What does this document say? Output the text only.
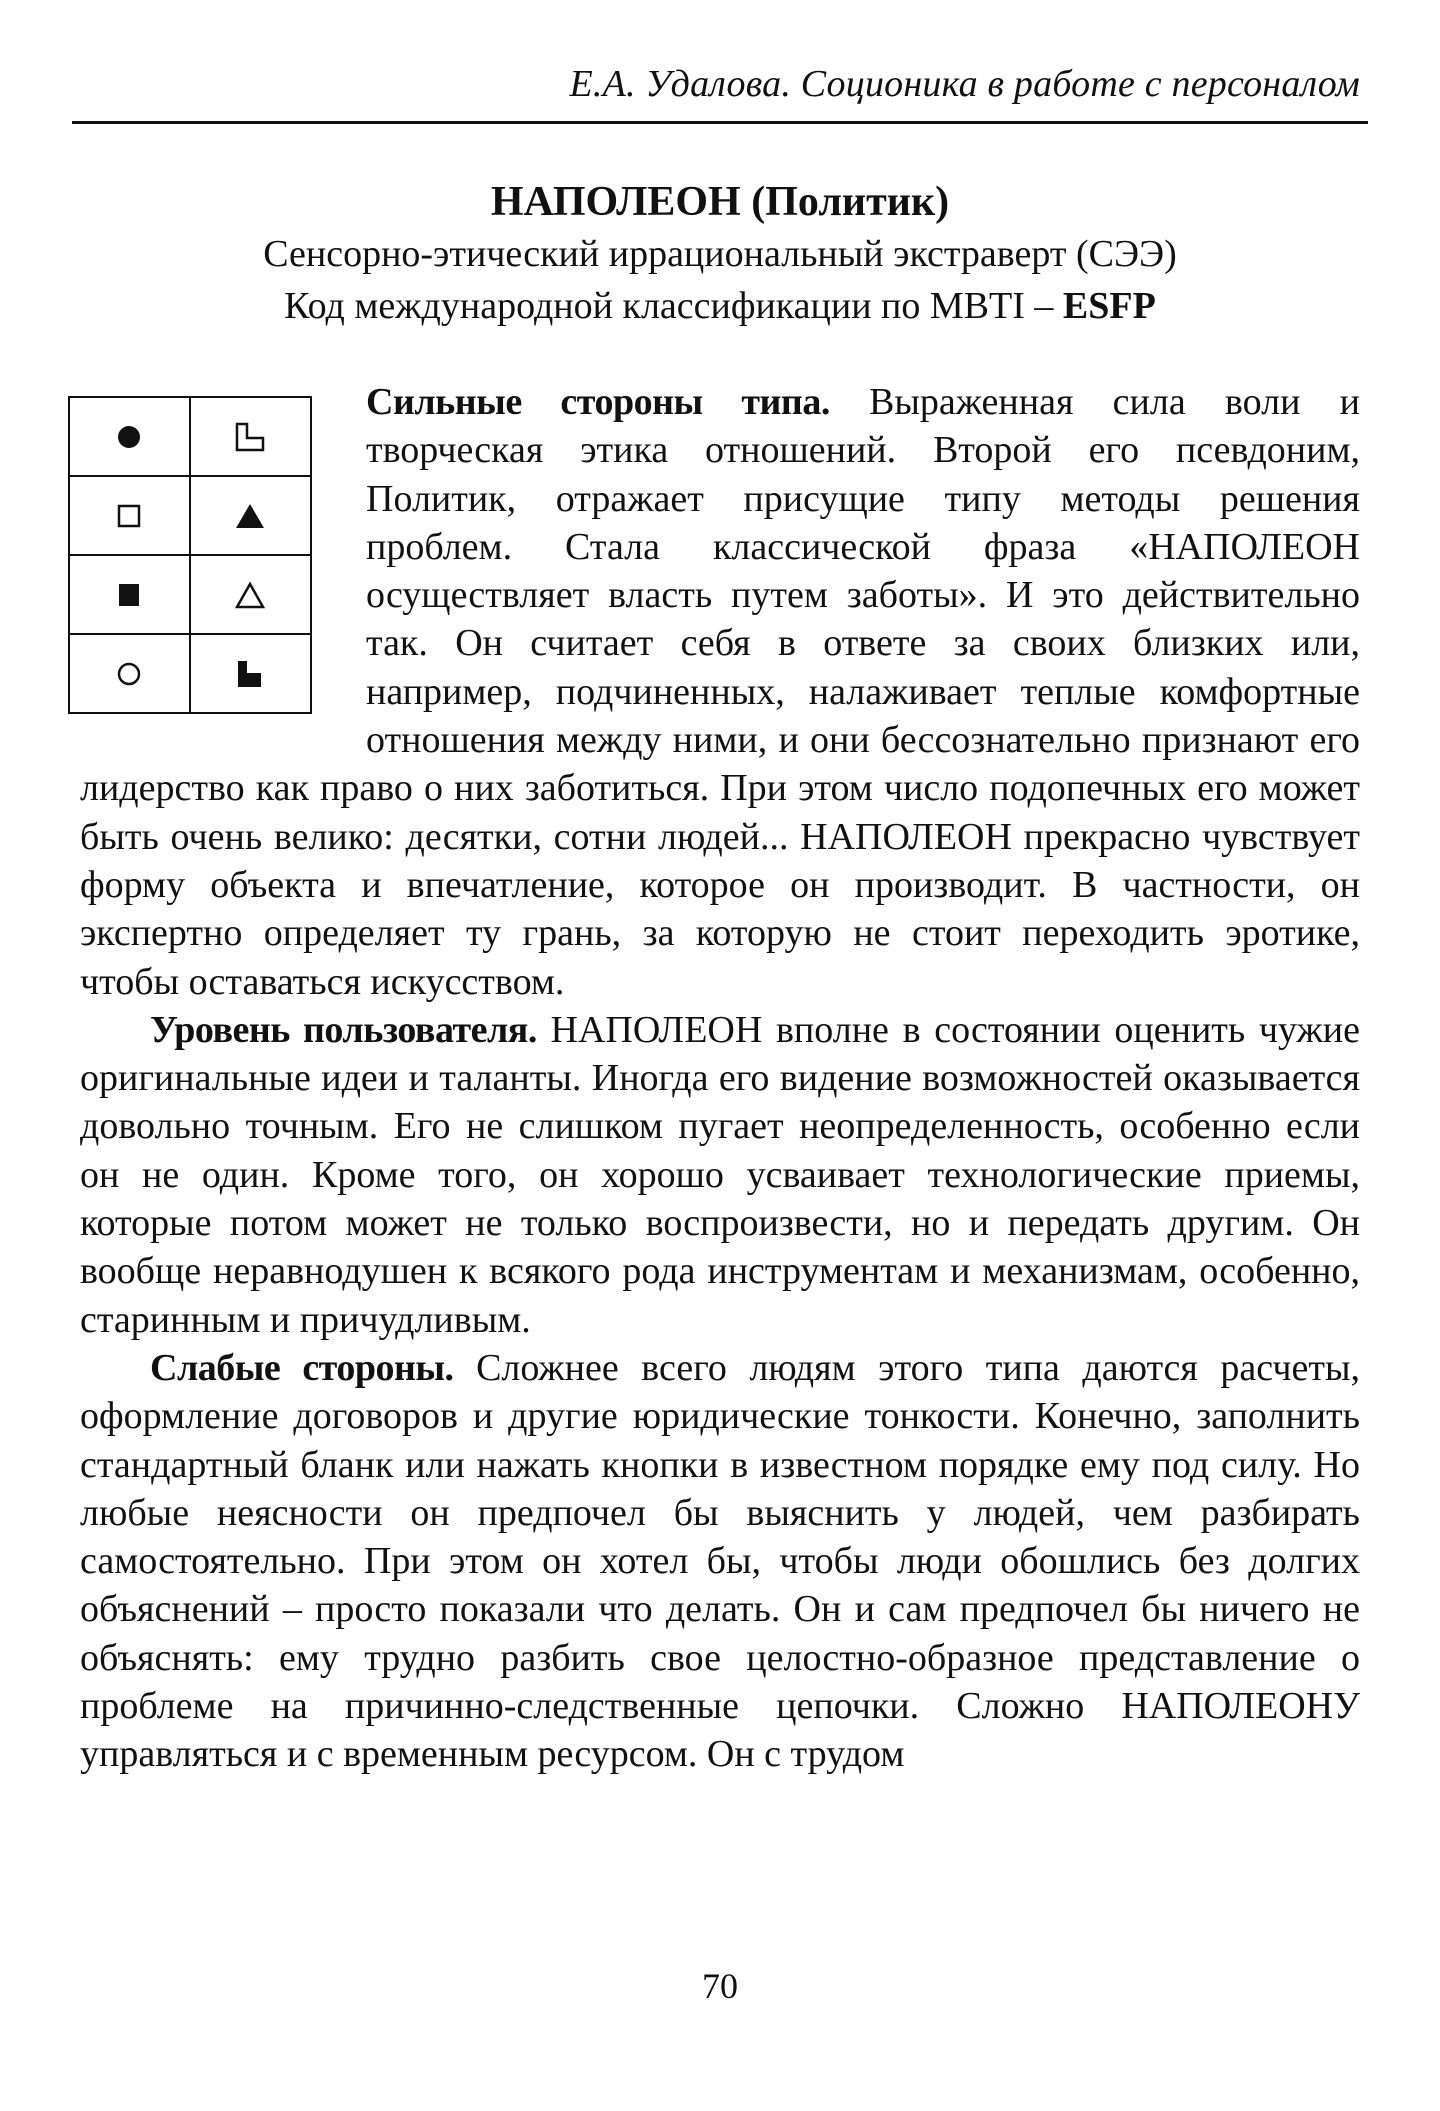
Е.А. Удалова. Соционика в работе с персоналом
НАПОЛЕОН (Политик)
Сенсорно-этический иррациональный экстраверт (СЭЭ)
Код международной классификации по MBTI – ESFP

Сильные стороны типа. Выраженная сила воли и творческая этика отношений. Второй его псевдоним, Политик, отражает присущие типу методы решения проблем. Стала классической фраза «НАПОЛЕОН осуществляет власть путем заботы». И это действительно так. Он считает себя в ответе за своих близких или, например, подчиненных, налаживает теплые комфортные отношения между ними, и они бессознательно признают его лидерство как право о них заботиться. При этом число подопечных его может быть очень велико: десятки, сотни людей... НАПОЛЕОН прекрасно чувствует форму объекта и впечатление, которое он производит. В частности, он экспертно определяет ту грань, за которую не стоит переходить эротике, чтобы оставаться искусством.

Уровень пользователя. НАПОЛЕОН вполне в состоянии оценить чужие оригинальные идеи и таланты. Иногда его видение возможностей оказывается довольно точным. Его не слишком пугает неопределенность, особенно если он не один. Кроме того, он хорошо усваивает технологические приемы, которые потом может не только воспроизвести, но и передать другим. Он вообще неравнодушен к всякого рода инструментам и механизмам, особенно, старинным и причудливым.

Слабые стороны. Сложнее всего людям этого типа даются расчеты, оформление договоров и другие юридические тонкости. Конечно, заполнить стандартный бланк или нажать кнопки в известном порядке ему под силу. Но любые неясности он предпочел бы выяснить у людей, чем разбирать самостоятельно. При этом он хотел бы, чтобы люди обошлись без долгих объяснений – просто показали что делать. Он и сам предпочел бы ничего не объяснять: ему трудно разбить свое целостно-образное представление о проблеме на причинно-следственные цепочки. Сложно НАПОЛЕОНУ управляться и с временным ресурсом. Он с трудом

70
